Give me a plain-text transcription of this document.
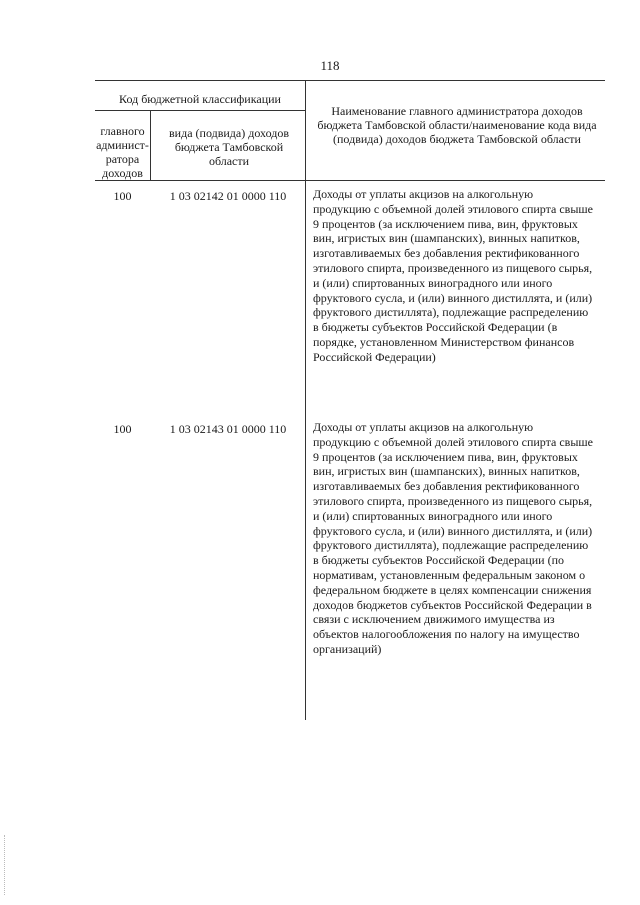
118
Код бюджетной классификации
главного админист-ратора доходов
вида (подвида) доходов бюджета Тамбовской области
Наименование главного администратора доходов бюджета Тамбовской области/наименование кода вида (подвида) доходов бюджета Тамбовской области
100	1 03 02142 01 0000 110	Доходы от уплаты акцизов на алкогольную продукцию с объемной долей этилового спирта свыше 9 процентов (за исключением пива, вин, фруктовых вин, игристых вин (шампанских), винных напитков, изготавливаемых без добавления ректификованного этилового спирта, произведенного из пищевого сырья, и (или) спиртованных виноградного или иного фруктового сусла, и (или) винного дистиллята, и (или) фруктового дистиллята), подлежащие распределению в бюджеты субъектов Российской Федерации (в порядке, установленном Министерством финансов Российской Федерации)
100	1 03 02143 01 0000 110	Доходы от уплаты акцизов на алкогольную продукцию с объемной долей этилового спирта свыше 9 процентов (за исключением пива, вин, фруктовых вин, игристых вин (шампанских), винных напитков, изготавливаемых без добавления ректификованного этилового спирта, произведенного из пищевого сырья, и (или) спиртованных виноградного или иного фруктового сусла, и (или) винного дистиллята, и (или) фруктового дистиллята), подлежащие распределению в бюджеты субъектов Российской Федерации (по нормативам, установленным федеральным законом о федеральном бюджете в целях компенсации снижения доходов бюджетов субъектов Российской Федерации в связи с исключением движимого имущества из объектов налогообложения по налогу на имущество организаций)
